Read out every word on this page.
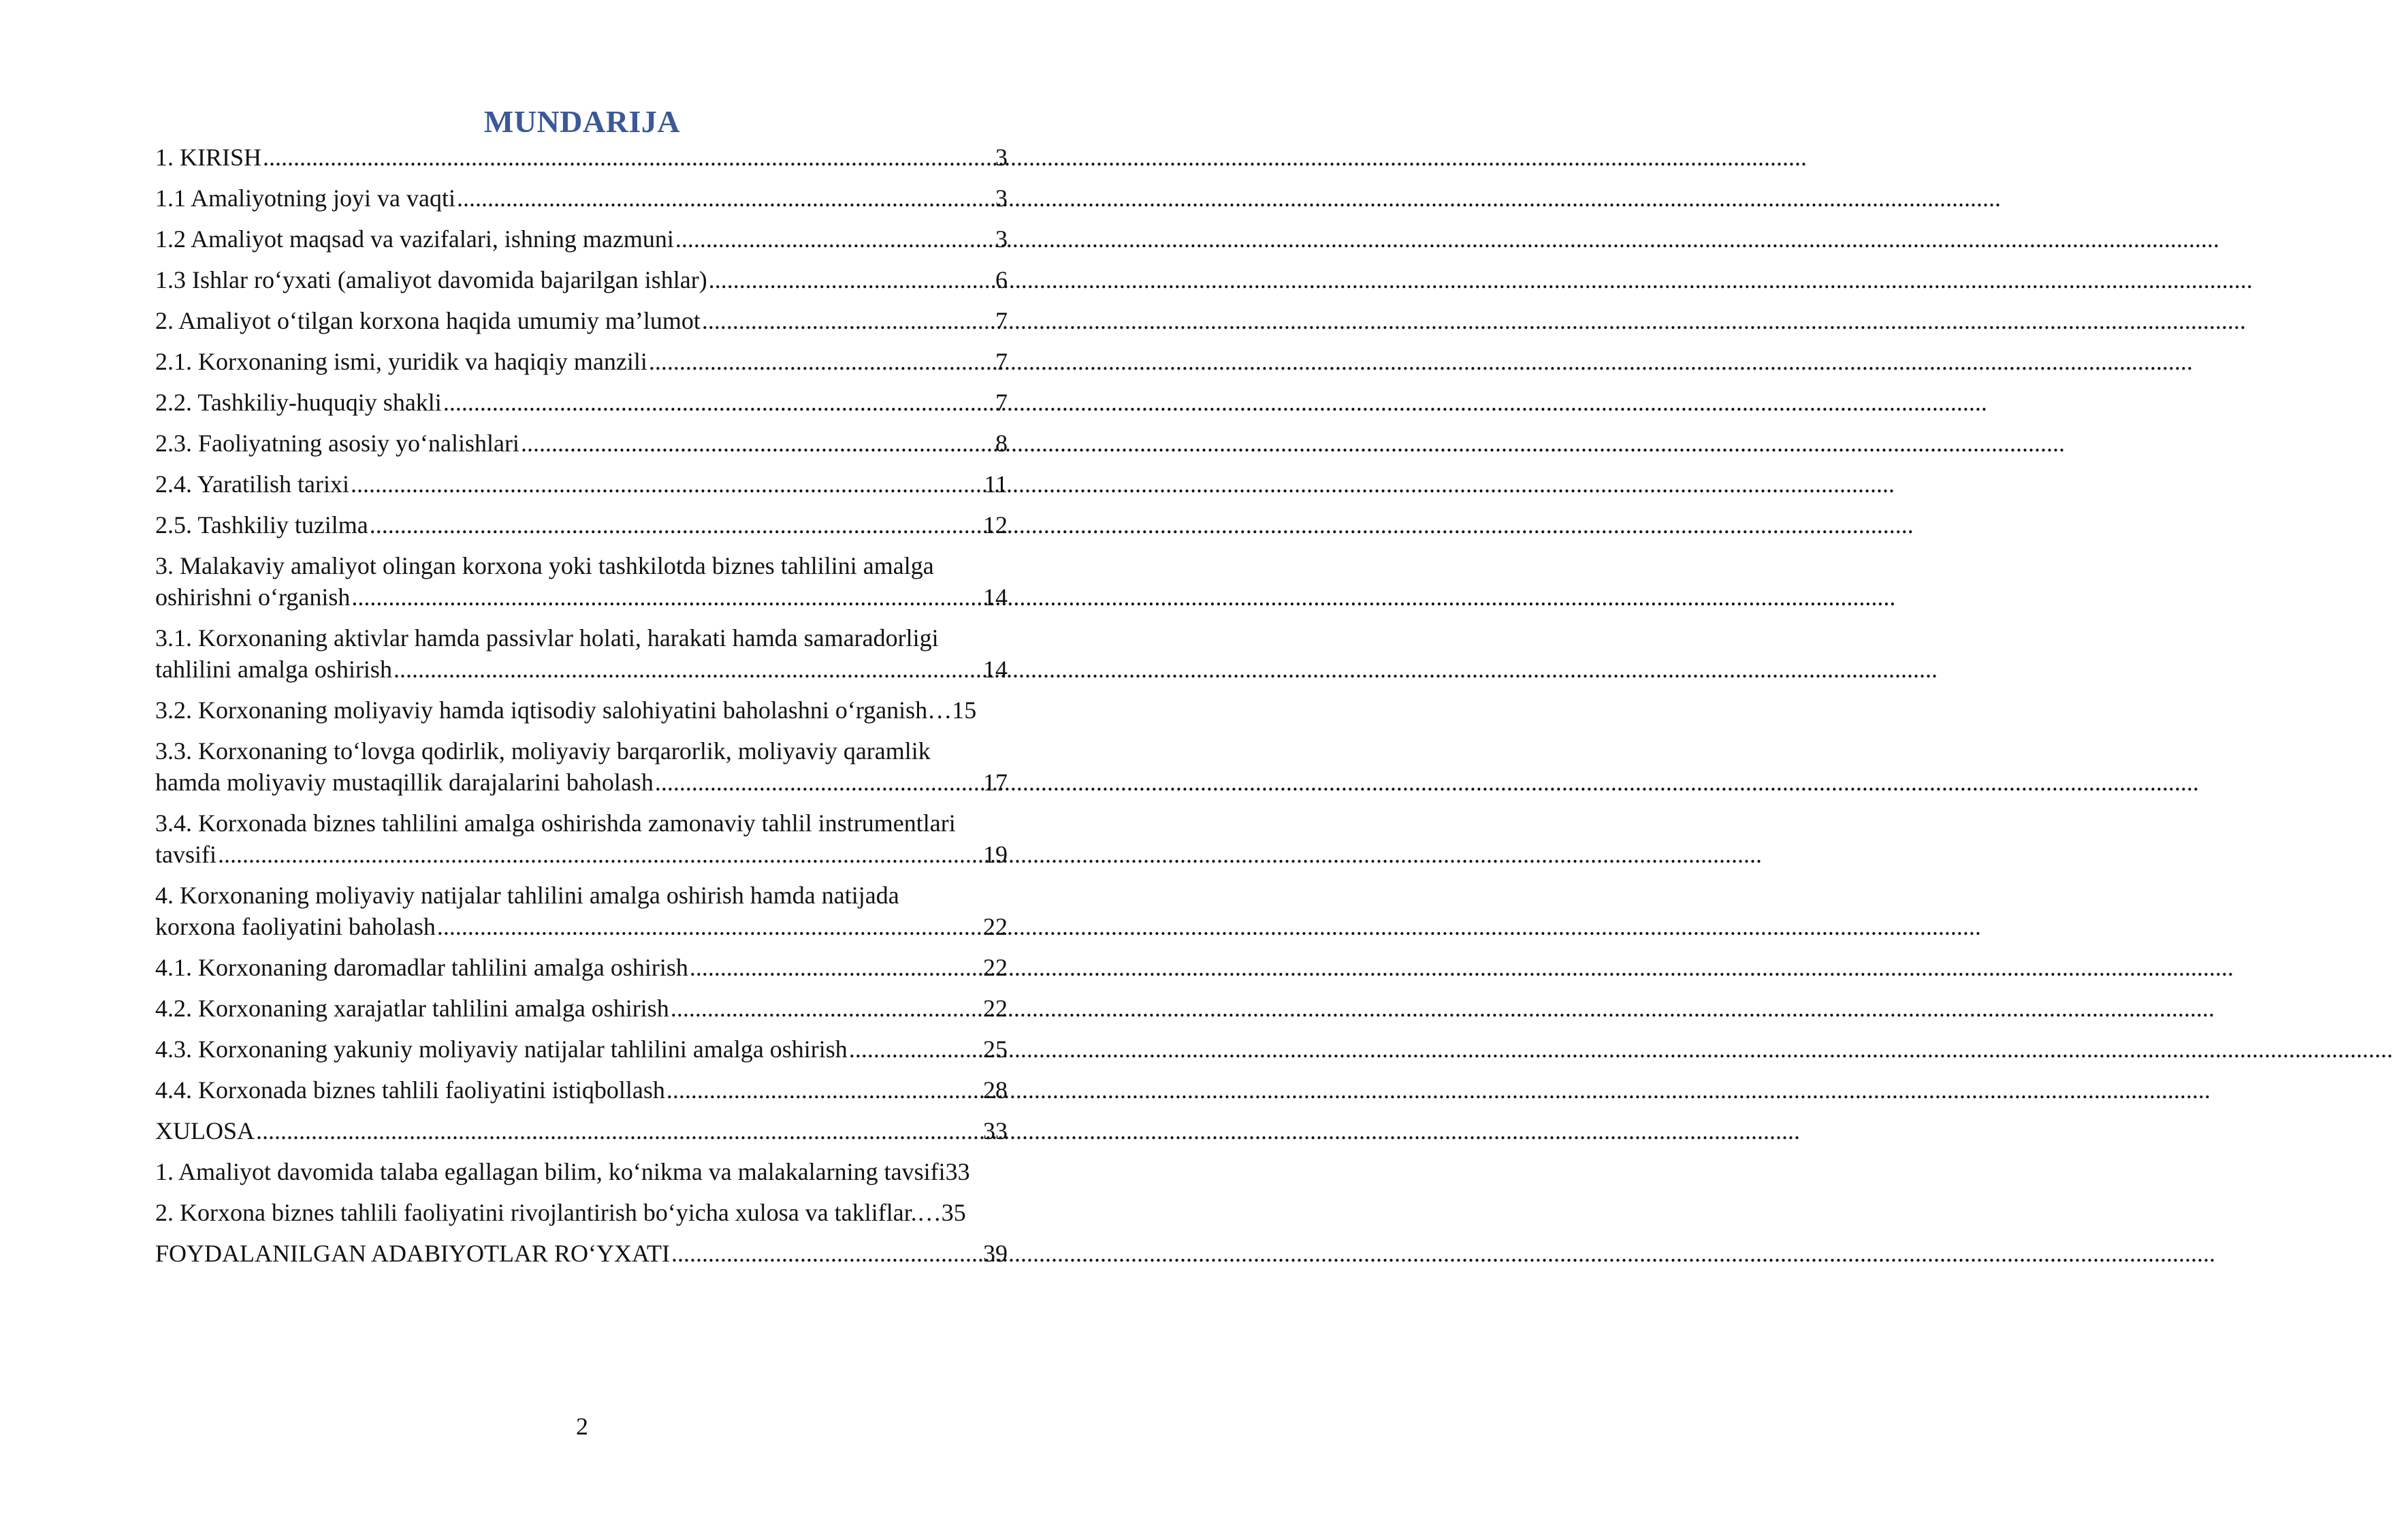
MUNDARIJA
1. KIRISH .....	3
1.1 Amaliyotning joyi va vaqti .....	3
1.2 Amaliyot maqsad va vazifalari, ishning mazmuni .....	3
1.3 Ishlar ro‘yxati (amaliyot davomida bajarilgan ishlar) .....	6
2. Amaliyot o‘tilgan korxona haqida umumiy ma’lumot .....	7
2.1. Korxonaning ismi, yuridik va haqiqiy manzili .....	7
2.2. Tashkiliy-huquqiy shakli .....	7
2.3. Faoliyatning asosiy yo‘nalishlari .....	8
2.4. Yaratilish tarixi .....	11
2.5. Tashkiliy tuzilma .....	12
3. Malakaviy amaliyot olingan korxona yoki tashkilotda biznes tahlilini amalga
oshirishni o‘rganish .....	14
3.1. Korxonaning aktivlar hamda passivlar holati, harakati hamda samaradorligi
tahlilini amalga oshirish .....	14
3.2. Korxonaning moliyaviy hamda iqtisodiy salohiyatini baholashni o‘rganish… 15
3.3. Korxonaning to‘lovga qodirlik, moliyaviy barqarorlik, moliyaviy qaramlik
hamda moliyaviy mustaqillik darajalarini baholash .....	17
3.4. Korxonada biznes tahlilini amalga oshirishda zamonaviy tahlil instrumentlari
tavsifi .....	19
4. Korxonaning moliyaviy natijalar tahlilini amalga oshirish hamda natijada
korxona faoliyatini baholash .....	22
4.1. Korxonaning daromadlar tahlilini amalga oshirish .....	22
4.2. Korxonaning xarajatlar tahlilini amalga oshirish .....	22
4.3. Korxonaning yakuniy moliyaviy natijalar tahlilini amalga oshirish .....	25
4.4. Korxonada biznes tahlili faoliyatini istiqbollash .....	28
XULOSA .....	33
1. Amaliyot davomida talaba egallagan bilim, ko‘nikma va malakalarning tavsifi 33
2. Korxona biznes tahlili faoliyatini rivojlantirish bo‘yicha xulosa va takliflar.… 35
FOYDALANILGAN ADABIYOTLAR RO‘YXATI .....	39
2
